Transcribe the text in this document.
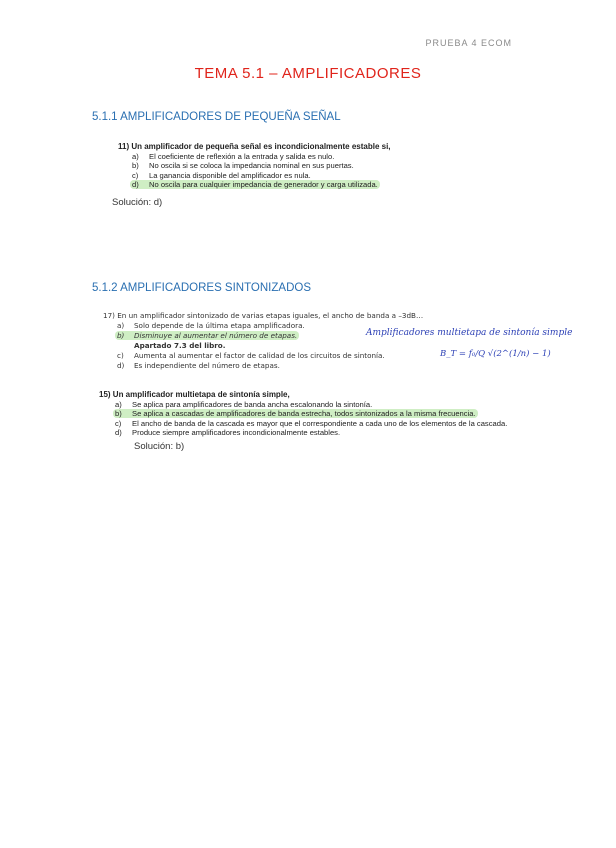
PRUEBA 4 ECOM
TEMA 5.1 – AMPLIFICADORES
5.1.1 AMPLIFICADORES DE PEQUEÑA SEÑAL
11) Un amplificador de pequeña señal es incondicionalmente estable si,
a) El coeficiente de reflexión a la entrada y salida es nulo.
b) No oscila si se coloca la impedancia nominal en sus puertas.
c) La ganancia disponible del amplificador es nula.
d) No oscila para cualquier impedancia de generador y carga utilizada.
Solución: d)
5.1.2 AMPLIFICADORES SINTONIZADOS
17) En un amplificador sintonizado de varias etapas iguales, el ancho de banda a –3dB…
a) Solo depende de la última etapa amplificadora.
b) Disminuye al aumentar el número de etapas.
Apartado 7.3 del libro.
c) Aumenta al aumentar el factor de calidad de los circuitos de sintonía.
d) Es independiente del número de etapas.
Amplificadores multietapa de sintonía simple
B_T = f₀/Q √(2^(1/n) − 1)
15) Un amplificador multietapa de sintonía simple,
a) Se aplica para amplificadores de banda ancha escalonando la sintonía.
b) Se aplica a cascadas de amplificadores de banda estrecha, todos sintonizados a la misma frecuencia.
c) El ancho de banda de la cascada es mayor que el correspondiente a cada uno de los elementos de la cascada.
d) Produce siempre amplificadores incondicionalmente estables.
Solución: b)
